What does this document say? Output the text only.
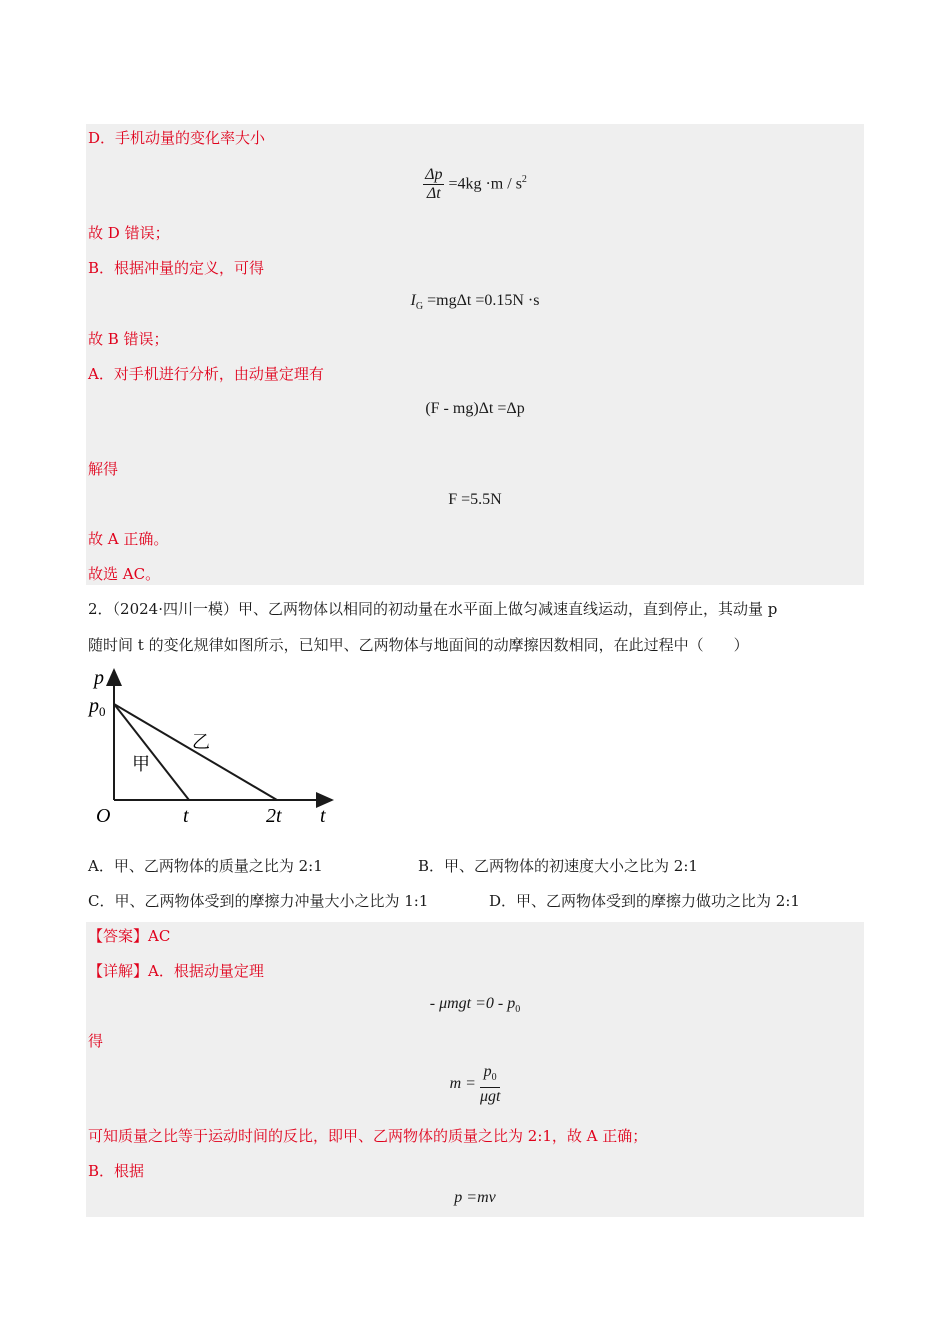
D．手机动量的变化率大小
$\frac{\Delta p}{\Delta t} =4kg \cdot m / s^2$
故 D 错误；
B．根据冲量的定义，可得
$I_G =mg\Delta t =0.15N \cdot s$
故 B 错误；
A．对手机进行分析，由动量定理有
(F - mg)Δt =Δp
解得
F =5.5N
故 A 正确。
故选 AC。
2．（2024·四川一模）甲、乙两物体以相同的初动量在水平面上做匀减速直线运动，直到停止，其动量 p
随时间 t 的变化规律如图所示，已知甲、乙两物体与地面间的动摩擦因数相同，在此过程中（　　）
p
$p_0$
O	t	2t t
甲
乙
A．甲、乙两物体的质量之比为 2:1	B．甲、乙两物体的初速度大小之比为 2:1
C．甲、乙两物体受到的摩擦力冲量大小之比为 1:1	D．甲、乙两物体受到的摩擦力做功之比为 2:1
【答案】AC
【详解】A．根据动量定理
- $\mu mgt =0 - p_0$
得
$m = \frac{p_0}{\text{μgt}}$
可知质量之比等于运动时间的反比，即甲、乙两物体的质量之比为 2:1，故 A 正确；
B．根据
p =mv
